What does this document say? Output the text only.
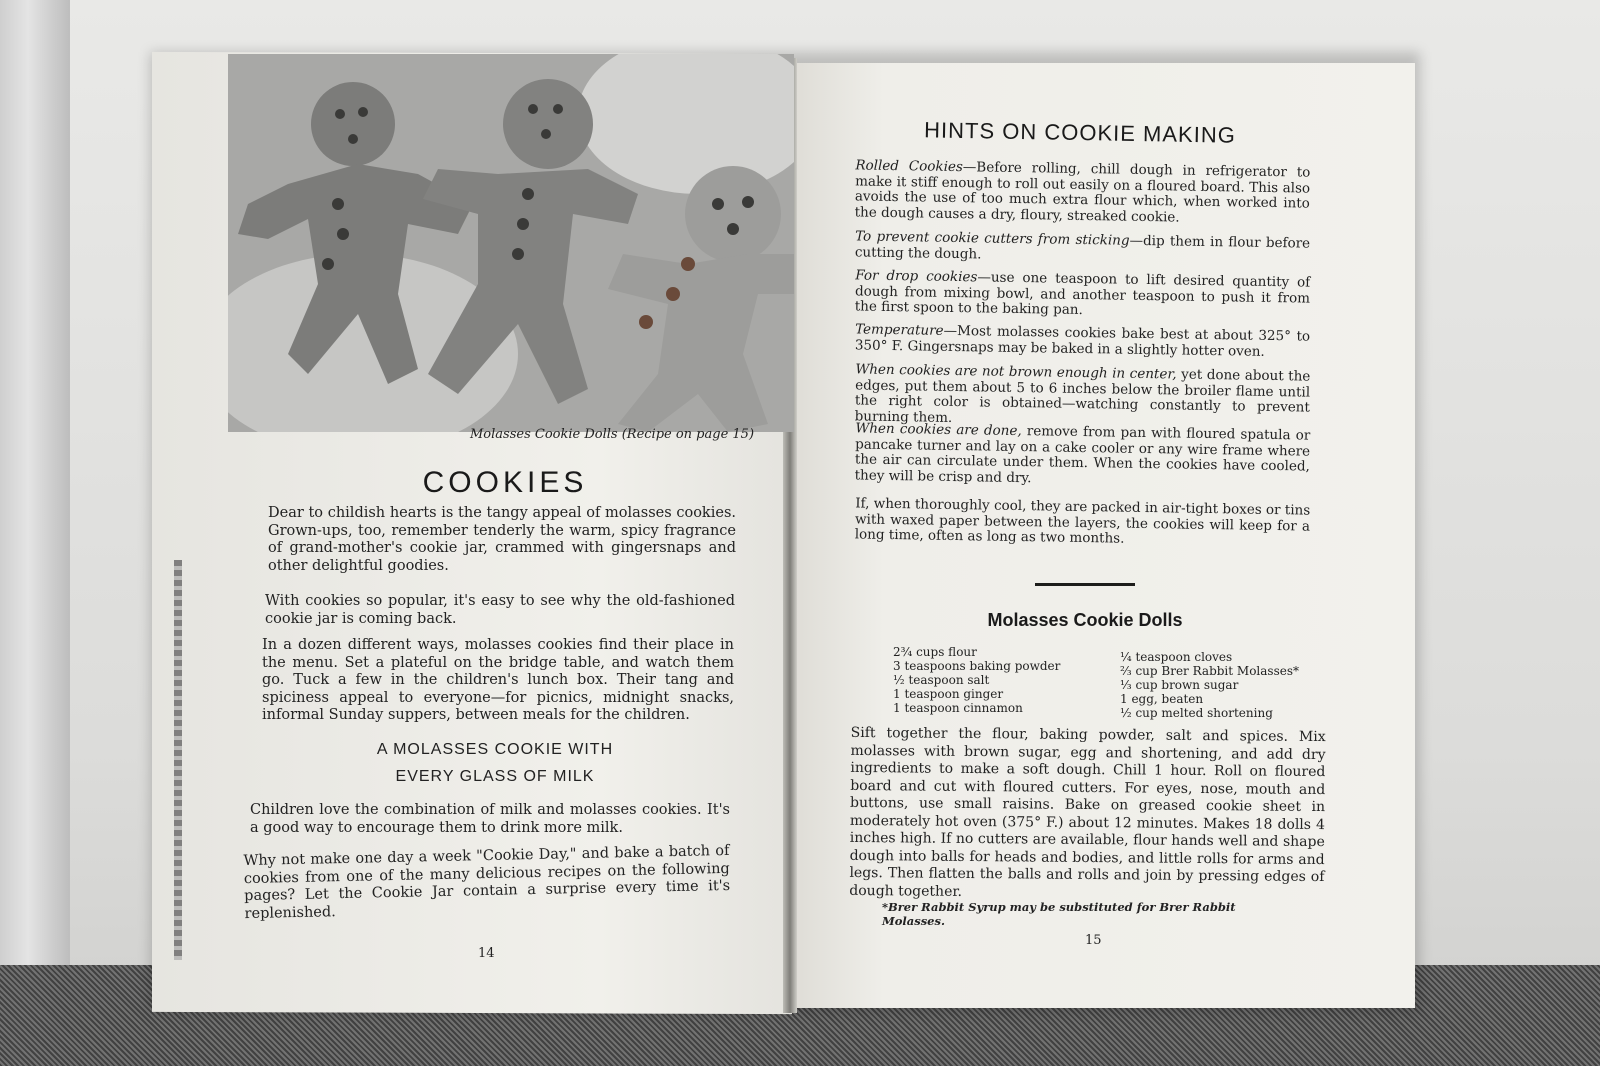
Molasses Cookie Dolls (Recipe on page 15)
COOKIES
Dear to childish hearts is the tangy appeal of molasses cookies. Grown-ups, too, remember tenderly the warm, spicy fragrance of grand-mother's cookie jar, crammed with gingersnaps and other delightful goodies.
With cookies so popular, it's easy to see why the old-fashioned cookie jar is coming back.
In a dozen different ways, molasses cookies find their place in the menu. Set a plateful on the bridge table, and watch them go. Tuck a few in the children's lunch box. Their tang and spiciness appeal to everyone—for picnics, midnight snacks, informal Sunday suppers, between meals for the children.
A MOLASSES COOKIE WITH
EVERY GLASS OF MILK
Children love the combination of milk and molasses cookies. It's a good way to encourage them to drink more milk.
Why not make one day a week "Cookie Day," and bake a batch of cookies from one of the many delicious recipes on the following pages? Let the Cookie Jar contain a surprise every time it's replenished.
14
HINTS ON COOKIE MAKING
Rolled Cookies—Before rolling, chill dough in refrigerator to make it stiff enough to roll out easily on a floured board. This also avoids the use of too much extra flour which, when worked into the dough causes a dry, floury, streaked cookie.
To prevent cookie cutters from sticking—dip them in flour before cutting the dough.
For drop cookies—use one teaspoon to lift desired quantity of dough from mixing bowl, and another teaspoon to push it from the first spoon to the baking pan.
Temperature—Most molasses cookies bake best at about 325° to 350° F. Gingersnaps may be baked in a slightly hotter oven.
When cookies are not brown enough in center, yet done about the edges, put them about 5 to 6 inches below the broiler flame until the right color is obtained—watching constantly to prevent burning them.
When cookies are done, remove from pan with floured spatula or pancake turner and lay on a cake cooler or any wire frame where the air can circulate under them. When the cookies have cooled, they will be crisp and dry.
If, when thoroughly cool, they are packed in air-tight boxes or tins with waxed paper between the layers, the cookies will keep for a long time, often as long as two months.
Molasses Cookie Dolls
2¾ cups flour
3 teaspoons baking powder
½ teaspoon salt
1 teaspoon ginger
1 teaspoon cinnamon
¼ teaspoon cloves
⅔ cup Brer Rabbit Molasses*
⅓ cup brown sugar
1 egg, beaten
½ cup melted shortening
Sift together the flour, baking powder, salt and spices. Mix molasses with brown sugar, egg and shortening, and add dry ingredients to make a soft dough. Chill 1 hour. Roll on floured board and cut with floured cutters. For eyes, nose, mouth and buttons, use small raisins. Bake on greased cookie sheet in moderately hot oven (375° F.) about 12 minutes. Makes 18 dolls 4 inches high. If no cutters are available, flour hands well and shape dough into balls for heads and bodies, and little rolls for arms and legs. Then flatten the balls and rolls and join by pressing edges of dough together.
*Brer Rabbit Syrup may be substituted for Brer Rabbit Molasses.
15
